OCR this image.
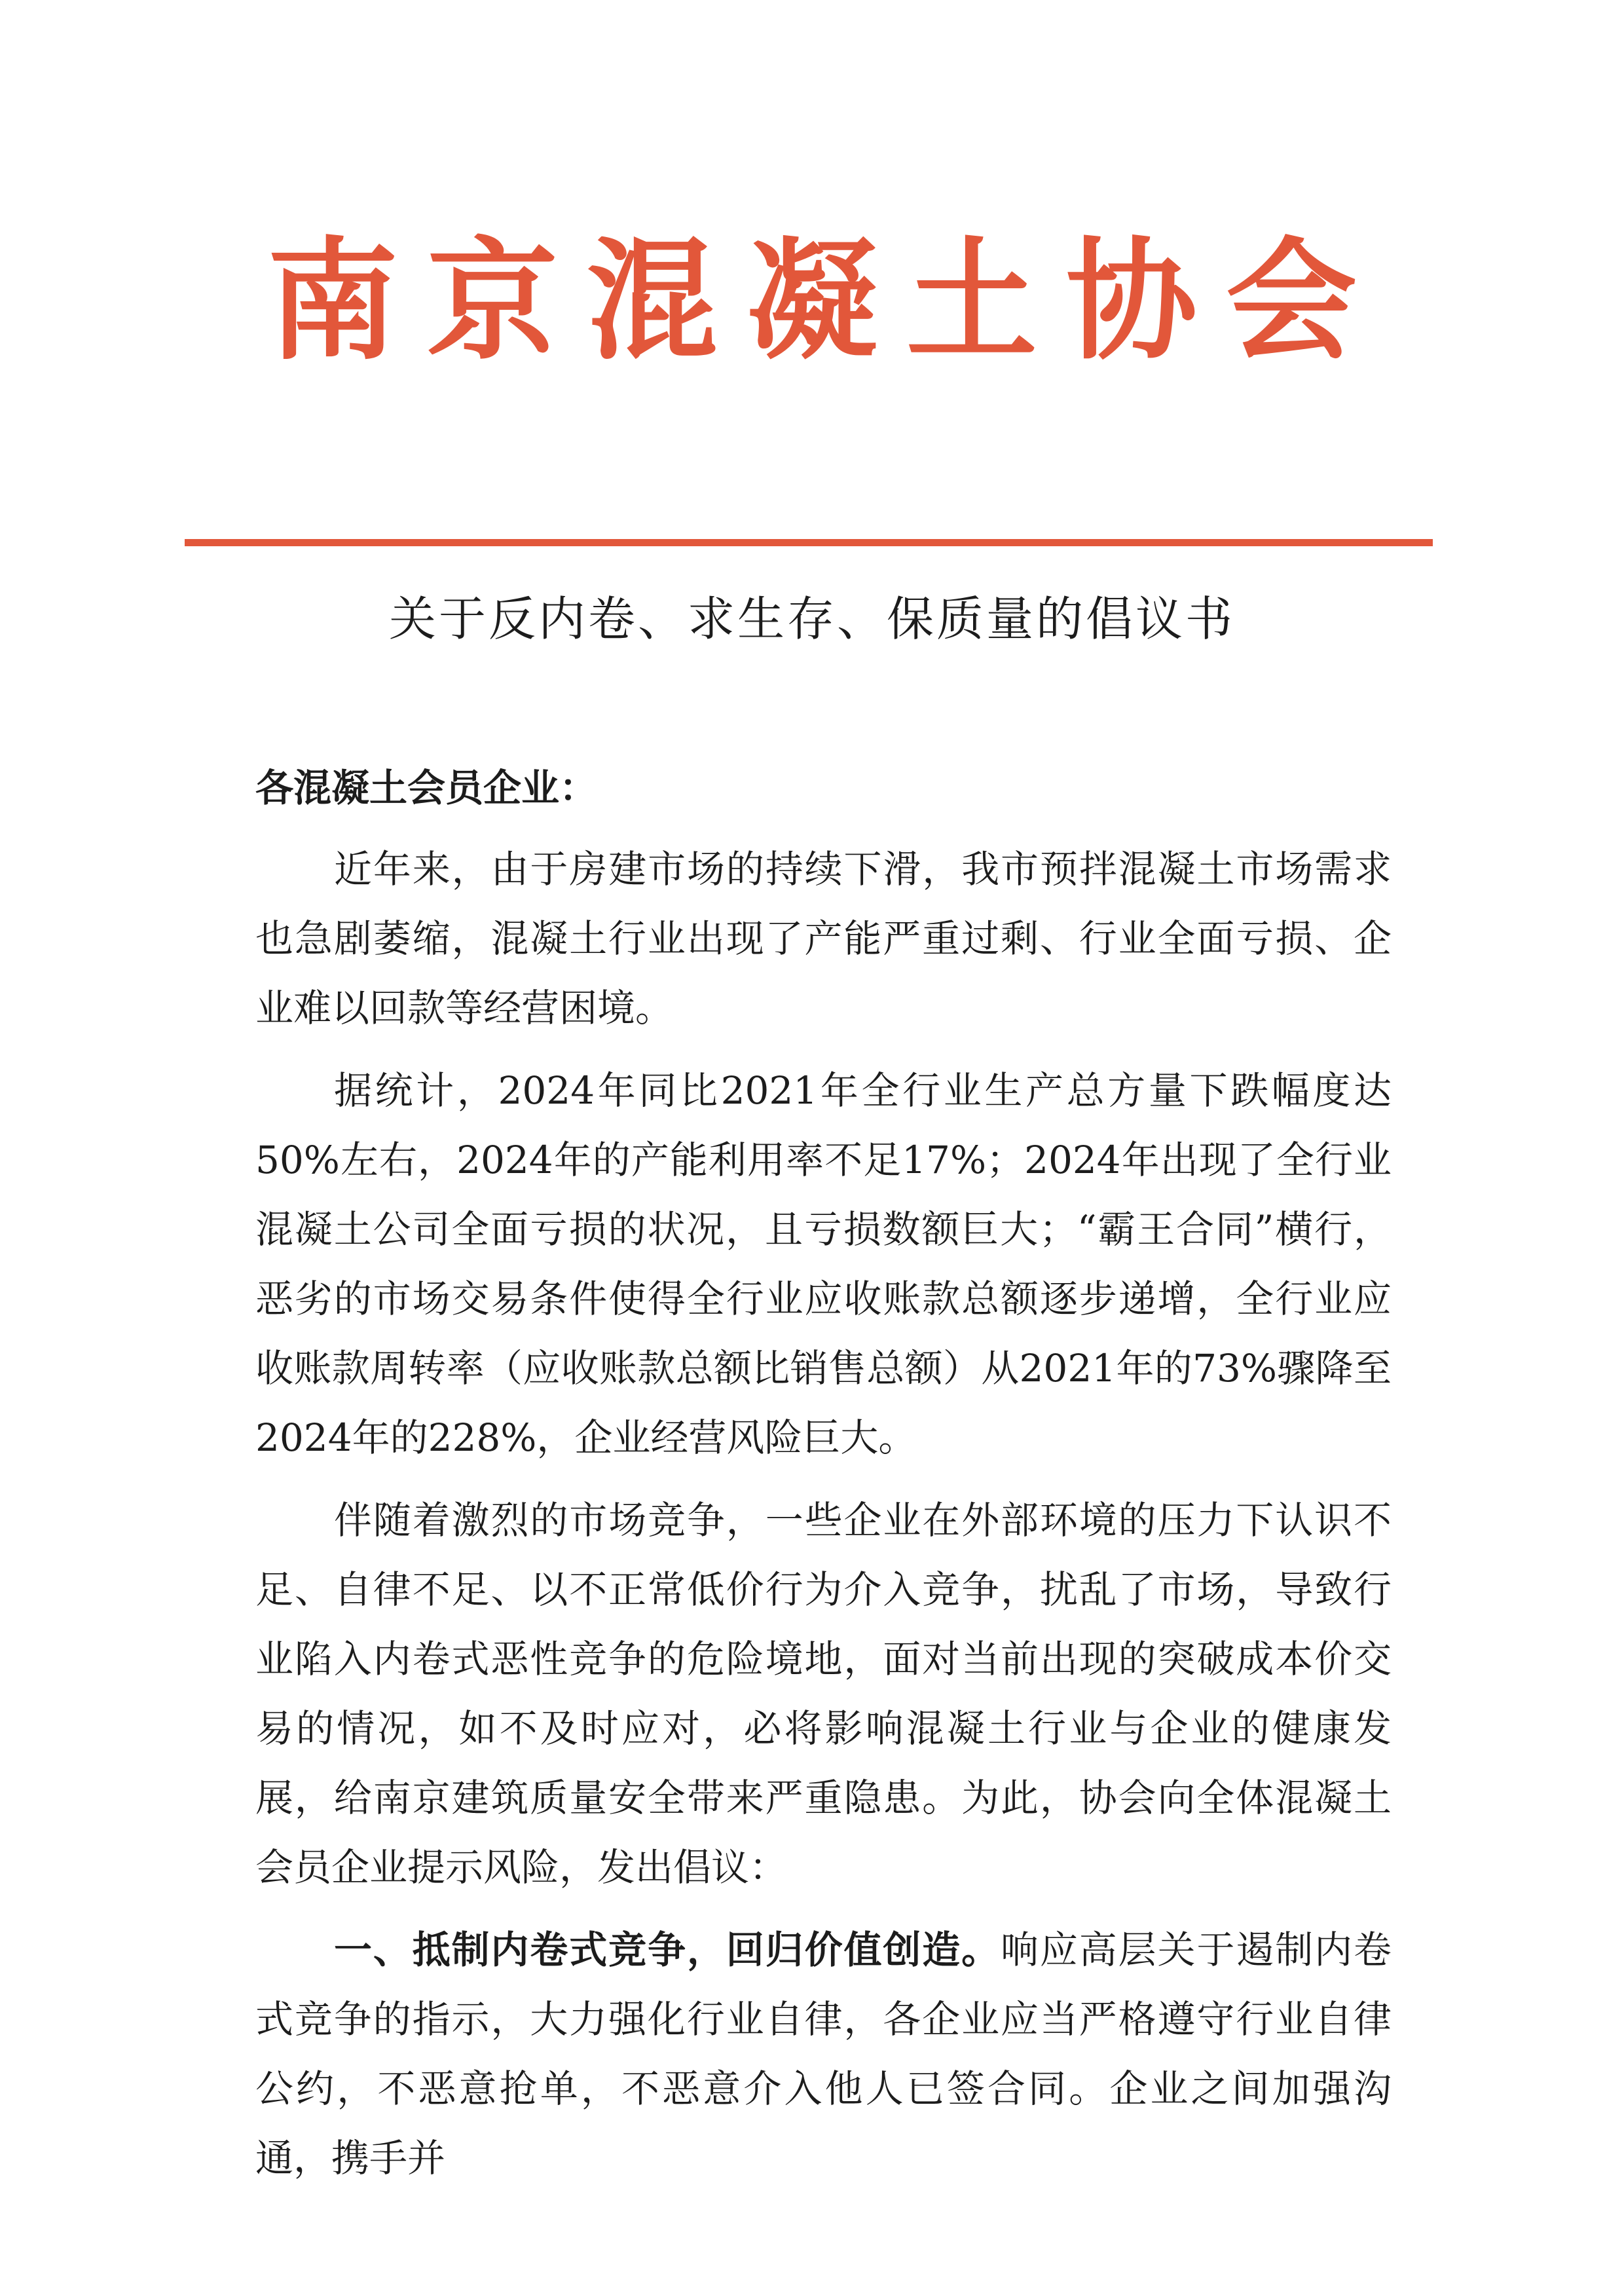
南京混凝土协会
关于反内卷、求生存、保质量的倡议书

各混凝土会员企业：

近年来，由于房建市场的持续下滑，我市预拌混凝土市场需求也急剧萎缩，混凝土行业出现了产能严重过剩、行业全面亏损、企业难以回款等经营困境。

据统计，2024年同比2021年全行业生产总方量下跌幅度达50%左右，2024年的产能利用率不足17%；2024年出现了全行业混凝土公司全面亏损的状况，且亏损数额巨大；“霸王合同”横行，恶劣的市场交易条件使得全行业应收账款总额逐步递增，全行业应收账款周转率（应收账款总额比销售总额）从2021年的73%骤降至2024年的228%，企业经营风险巨大。

伴随着激烈的市场竞争，一些企业在外部环境的压力下认识不足、自律不足、以不正常低价行为介入竞争，扰乱了市场，导致行业陷入内卷式恶性竞争的危险境地，面对当前出现的突破成本价交易的情况，如不及时应对，必将影响混凝土行业与企业的健康发展，给南京建筑质量安全带来严重隐患。为此，协会向全体混凝土会员企业提示风险，发出倡议：

一、抵制内卷式竞争，回归价值创造。响应高层关于遏制内卷式竞争的指示，大力强化行业自律，各企业应当严格遵守行业自律公约，不恶意抢单，不恶意介入他人已签合同。企业之间加强沟通，携手并
